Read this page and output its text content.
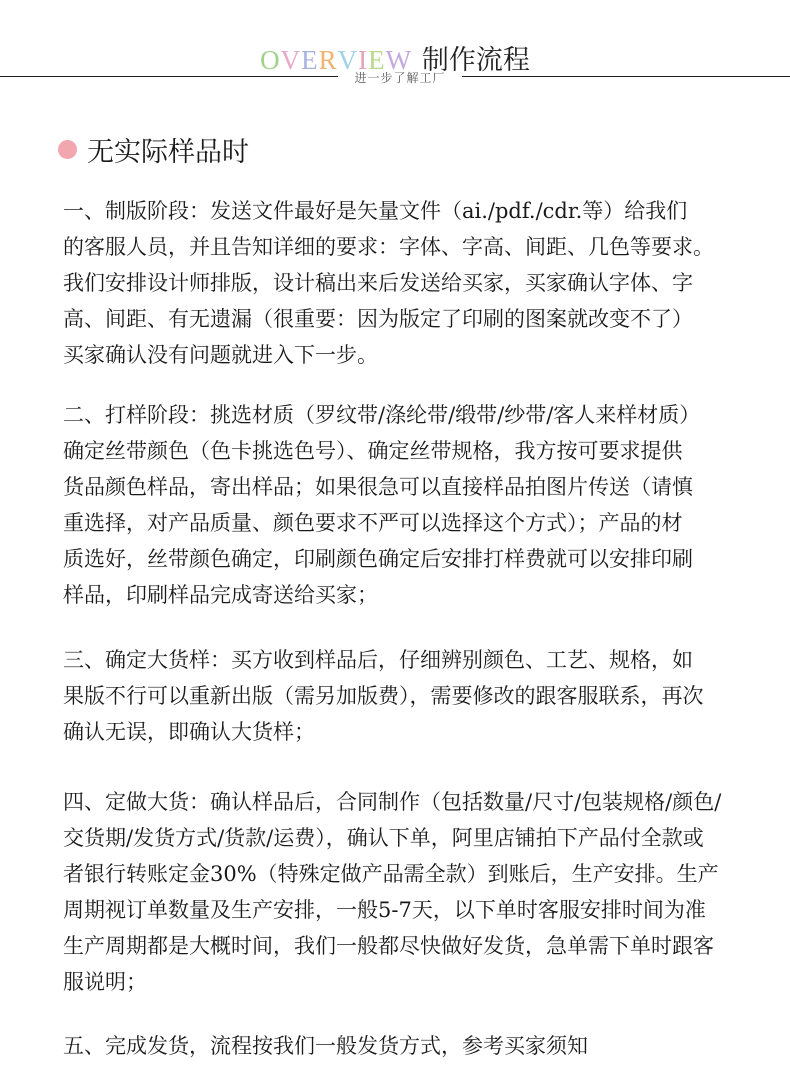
OVERVIEW 制作流程
进一步了解工厂
无实际样品时
一、制版阶段：发送文件最好是矢量文件（ai./pdf./cdr.等）给我们
的客服人员，并且告知详细的要求：字体、字高、间距、几色等要求。
我们安排设计师排版，设计稿出来后发送给买家，买家确认字体、字
高、间距、有无遗漏（很重要：因为版定了印刷的图案就改变不了）
买家确认没有问题就进入下一步。
二、打样阶段：挑选材质（罗纹带/涤纶带/缎带/纱带/客人来样材质）
确定丝带颜色（色卡挑选色号）、确定丝带规格，我方按可要求提供
货品颜色样品，寄出样品；如果很急可以直接样品拍图片传送（请慎
重选择，对产品质量、颜色要求不严可以选择这个方式）；产品的材
质选好，丝带颜色确定，印刷颜色确定后安排打样费就可以安排印刷
样品，印刷样品完成寄送给买家；
三、确定大货样：买方收到样品后，仔细辨别颜色、工艺、规格，如
果版不行可以重新出版（需另加版费），需要修改的跟客服联系，再次
确认无误，即确认大货样；
四、定做大货：确认样品后，合同制作（包括数量/尺寸/包装规格/颜色/
交货期/发货方式/货款/运费），确认下单，阿里店铺拍下产品付全款或
者银行转账定金30%（特殊定做产品需全款）到账后，生产安排。生产
周期视订单数量及生产安排，一般5-7天，以下单时客服安排时间为准
生产周期都是大概时间，我们一般都尽快做好发货，急单需下单时跟客
服说明；
五、完成发货，流程按我们一般发货方式，参考买家须知
